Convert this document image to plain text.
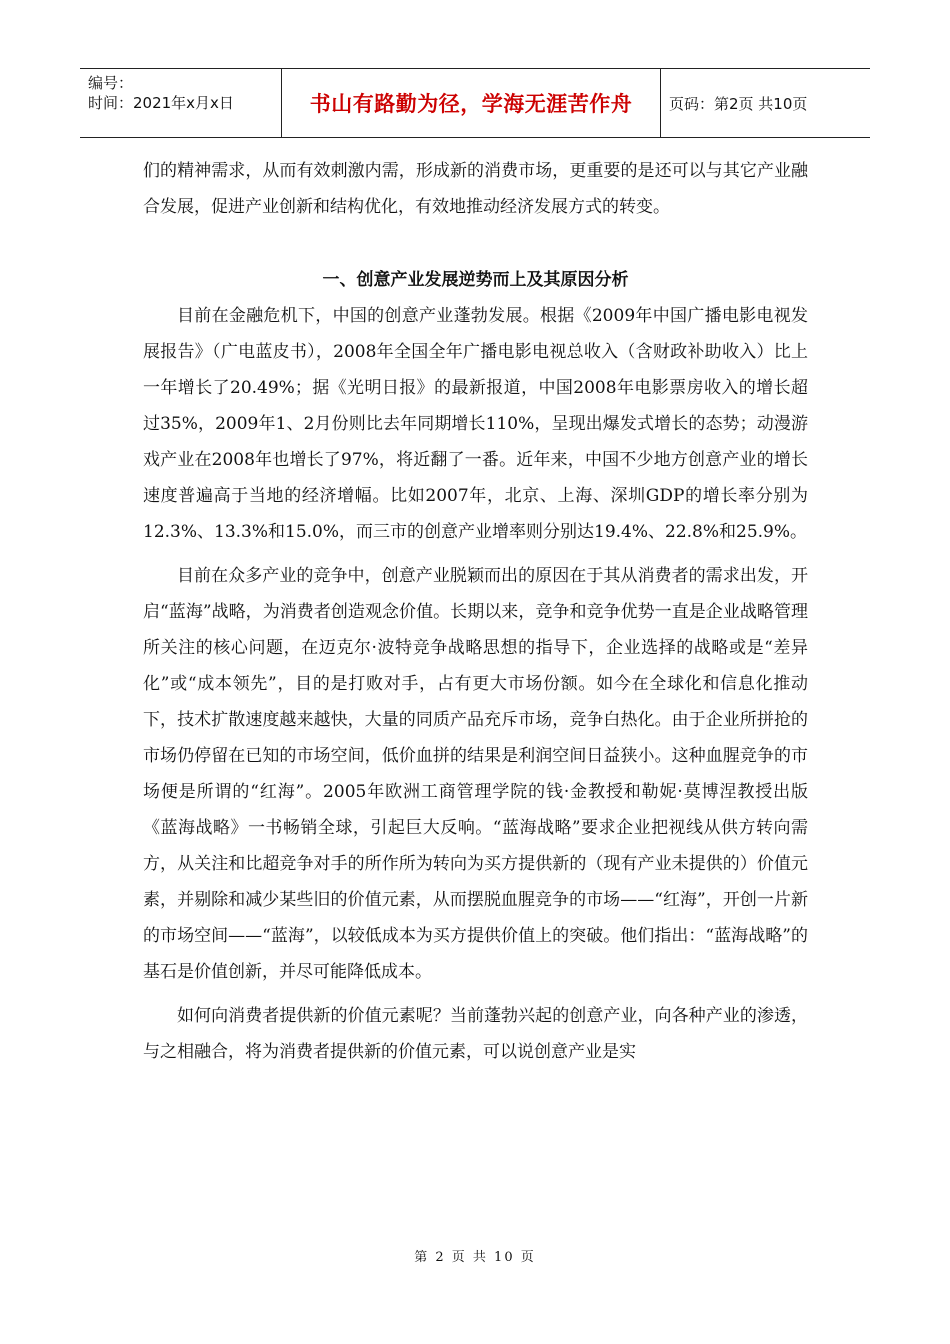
编号：
时间：2021年x月x日	书山有路勤为径，学海无涯苦作舟	页码：第2页 共10页

们的精神需求，从而有效刺激内需，形成新的消费市场，更重要的是还可以与其它产业融合发展，促进产业创新和结构优化，有效地推动经济发展方式的转变。

一、创意产业发展逆势而上及其原因分析

目前在金融危机下，中国的创意产业蓬勃发展。根据《2009年中国广播电影电视发展报告》（广电蓝皮书），2008年全国全年广播电影电视总收入（含财政补助收入）比上一年增长了20.49%；据《光明日报》的最新报道，中国2008年电影票房收入的增长超过35%，2009年1、2月份则比去年同期增长110%，呈现出爆发式增长的态势；动漫游戏产业在2008年也增长了97%，将近翻了一番。近年来，中国不少地方创意产业的增长速度普遍高于当地的经济增幅。比如2007年，北京、上海、深圳GDP的增长率分别为12.3%、13.3%和15.0%，而三市的创意产业增率则分别达19.4%、22.8%和25.9%。

目前在众多产业的竞争中，创意产业脱颖而出的原因在于其从消费者的需求出发，开启“蓝海”战略，为消费者创造观念价值。长期以来，竞争和竞争优势一直是企业战略管理所关注的核心问题，在迈克尔·波特竞争战略思想的指导下，企业选择的战略或是“差异化”或“成本领先”，目的是打败对手，占有更大市场份额。如今在全球化和信息化推动下，技术扩散速度越来越快，大量的同质产品充斥市场，竞争白热化。由于企业所拼抢的市场仍停留在已知的市场空间，低价血拼的结果是利润空间日益狭小。这种血腥竞争的市场便是所谓的“红海”。2005年欧洲工商管理学院的钱·金教授和勒妮·莫博涅教授出版《蓝海战略》一书畅销全球，引起巨大反响。“蓝海战略”要求企业把视线从供方转向需方，从关注和比超竞争对手的所作所为转向为买方提供新的（现有产业未提供的）价值元素，并剔除和减少某些旧的价值元素，从而摆脱血腥竞争的市场——“红海”，开创一片新的市场空间——“蓝海”，以较低成本为买方提供价值上的突破。他们指出：“蓝海战略”的基石是价值创新，并尽可能降低成本。

如何向消费者提供新的价值元素呢？当前蓬勃兴起的创意产业，向各种产业的渗透，与之相融合，将为消费者提供新的价值元素，可以说创意产业是实

第 2 页 共 10 页
